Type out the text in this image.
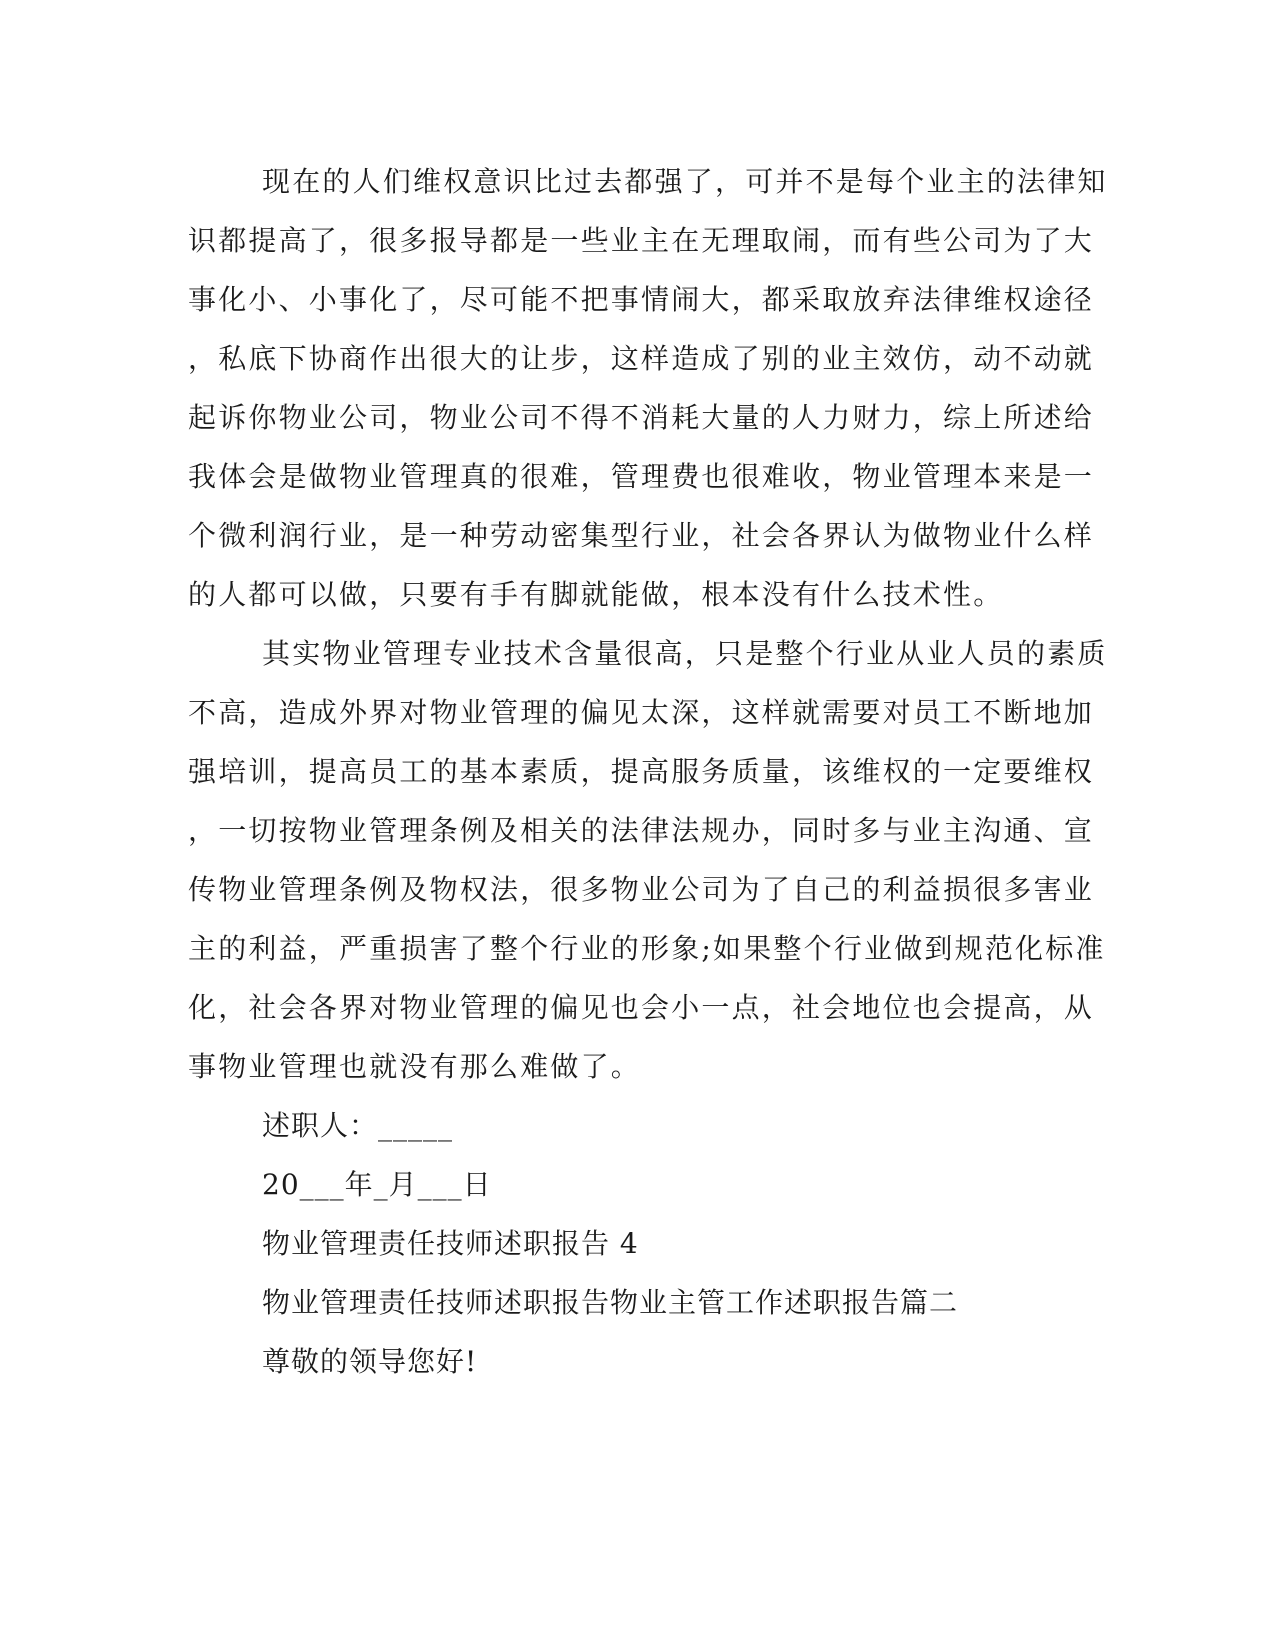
现在的人们维权意识比过去都强了，可并不是每个业主的法律知
识都提高了，很多报导都是一些业主在无理取闹，而有些公司为了大
事化小、小事化了，尽可能不把事情闹大，都采取放弃法律维权途径
，私底下协商作出很大的让步，这样造成了别的业主效仿，动不动就
起诉你物业公司，物业公司不得不消耗大量的人力财力，综上所述给
我体会是做物业管理真的很难，管理费也很难收，物业管理本来是一
个微利润行业，是一种劳动密集型行业，社会各界认为做物业什么样
的人都可以做，只要有手有脚就能做，根本没有什么技术性。
其实物业管理专业技术含量很高，只是整个行业从业人员的素质
不高，造成外界对物业管理的偏见太深，这样就需要对员工不断地加
强培训，提高员工的基本素质，提高服务质量，该维权的一定要维权
，一切按物业管理条例及相关的法律法规办，同时多与业主沟通、宣
传物业管理条例及物权法，很多物业公司为了自己的利益损很多害业
主的利益，严重损害了整个行业的形象;如果整个行业做到规范化标准
化，社会各界对物业管理的偏见也会小一点，社会地位也会提高，从
事物业管理也就没有那么难做了。
述职人：_____
20___年_月___日
物业管理责任技师述职报告 4
物业管理责任技师述职报告物业主管工作述职报告篇二
尊敬的领导您好!
